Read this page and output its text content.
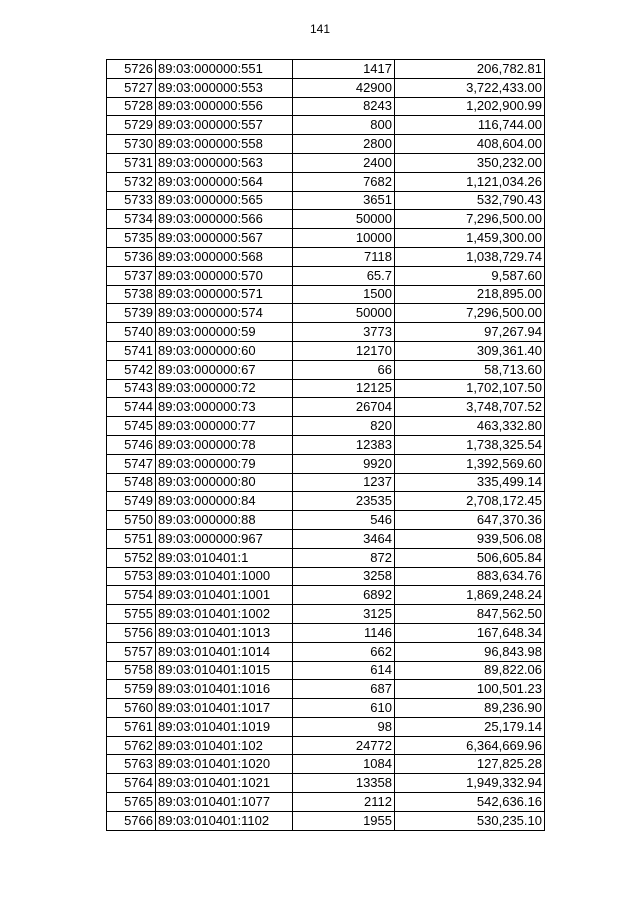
141
5726	89:03:000000:551	1417	206,782.81
5727	89:03:000000:553	42900	3,722,433.00
5728	89:03:000000:556	8243	1,202,900.99
5729	89:03:000000:557	800	116,744.00
5730	89:03:000000:558	2800	408,604.00
5731	89:03:000000:563	2400	350,232.00
5732	89:03:000000:564	7682	1,121,034.26
5733	89:03:000000:565	3651	532,790.43
5734	89:03:000000:566	50000	7,296,500.00
5735	89:03:000000:567	10000	1,459,300.00
5736	89:03:000000:568	7118	1,038,729.74
5737	89:03:000000:570	65.7	9,587.60
5738	89:03:000000:571	1500	218,895.00
5739	89:03:000000:574	50000	7,296,500.00
5740	89:03:000000:59	3773	97,267.94
5741	89:03:000000:60	12170	309,361.40
5742	89:03:000000:67	66	58,713.60
5743	89:03:000000:72	12125	1,702,107.50
5744	89:03:000000:73	26704	3,748,707.52
5745	89:03:000000:77	820	463,332.80
5746	89:03:000000:78	12383	1,738,325.54
5747	89:03:000000:79	9920	1,392,569.60
5748	89:03:000000:80	1237	335,499.14
5749	89:03:000000:84	23535	2,708,172.45
5750	89:03:000000:88	546	647,370.36
5751	89:03:000000:967	3464	939,506.08
5752	89:03:010401:1	872	506,605.84
5753	89:03:010401:1000	3258	883,634.76
5754	89:03:010401:1001	6892	1,869,248.24
5755	89:03:010401:1002	3125	847,562.50
5756	89:03:010401:1013	1146	167,648.34
5757	89:03:010401:1014	662	96,843.98
5758	89:03:010401:1015	614	89,822.06
5759	89:03:010401:1016	687	100,501.23
5760	89:03:010401:1017	610	89,236.90
5761	89:03:010401:1019	98	25,179.14
5762	89:03:010401:102	24772	6,364,669.96
5763	89:03:010401:1020	1084	127,825.28
5764	89:03:010401:1021	13358	1,949,332.94
5765	89:03:010401:1077	2112	542,636.16
5766	89:03:010401:1102	1955	530,235.10
